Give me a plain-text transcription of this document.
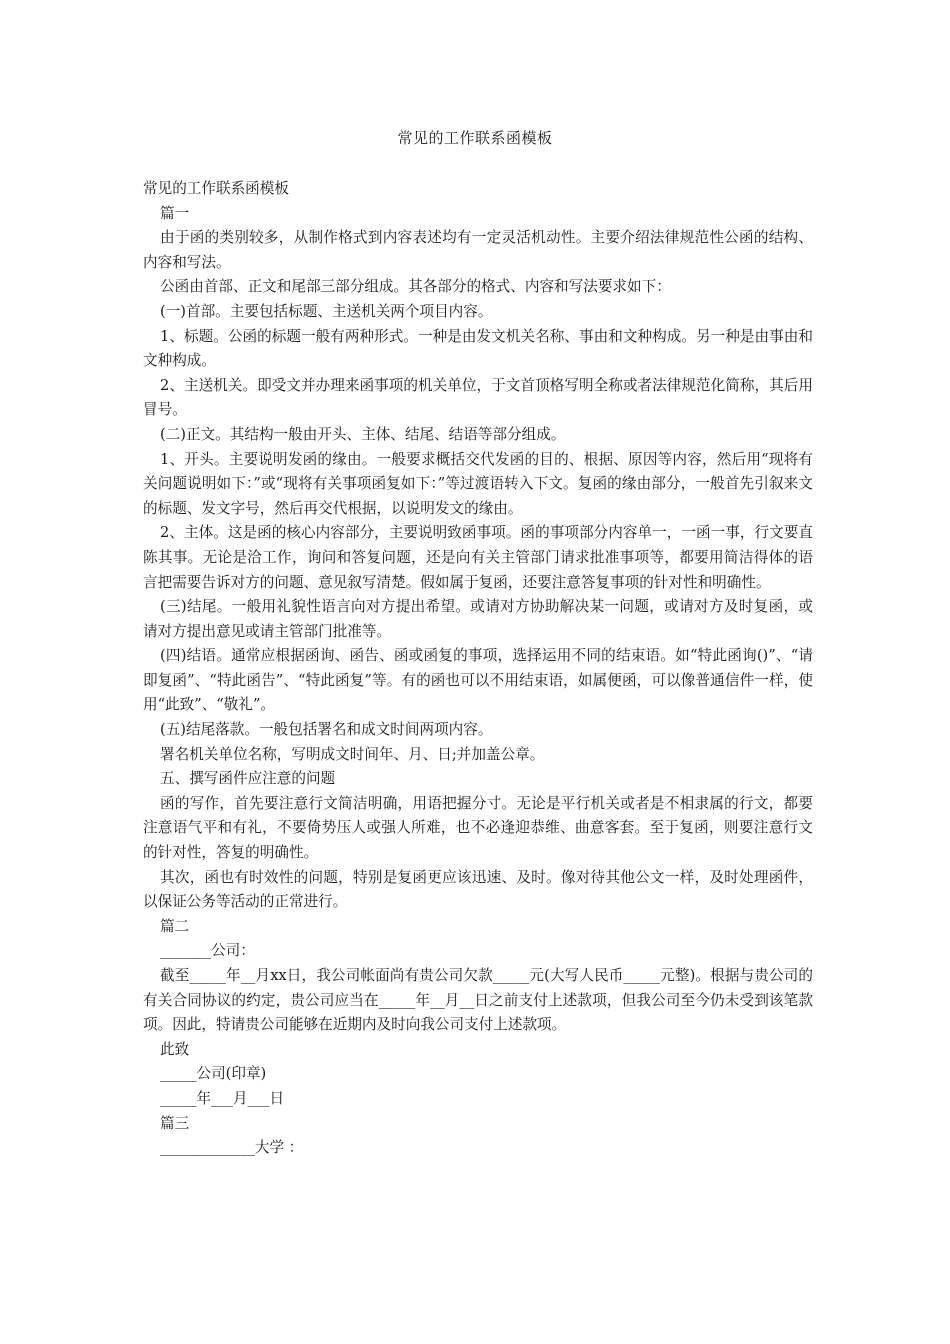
常见的工作联系函模板

常见的工作联系函模板

篇一

由于函的类别较多，从制作格式到内容表述均有一定灵活机动性。主要介绍法律规范性公函的结构、内容和写法。

公函由首部、正文和尾部三部分组成。其各部分的格式、内容和写法要求如下：

(一)首部。主要包括标题、主送机关两个项目内容。

1、标题。公函的标题一般有两种形式。一种是由发文机关名称、事由和文种构成。另一种是由事由和文种构成。

2、主送机关。即受文并办理来函事项的机关单位，于文首顶格写明全称或者法律规范化简称，其后用冒号。

(二)正文。其结构一般由开头、主体、结尾、结语等部分组成。

1、开头。主要说明发函的缘由。一般要求概括交代发函的目的、根据、原因等内容，然后用“现将有关问题说明如下：”或“现将有关事项函复如下：”等过渡语转入下文。复函的缘由部分，一般首先引叙来文的标题、发文字号，然后再交代根据，以说明发文的缘由。

2、主体。这是函的核心内容部分，主要说明致函事项。函的事项部分内容单一，一函一事，行文要直陈其事。无论是洽工作，询问和答复问题，还是向有关主管部门请求批准事项等，都要用简洁得体的语言把需要告诉对方的问题、意见叙写清楚。假如属于复函，还要注意答复事项的针对性和明确性。

(三)结尾。一般用礼貌性语言向对方提出希望。或请对方协助解决某一问题，或请对方及时复函，或请对方提出意见或请主管部门批准等。

(四)结语。通常应根据函询、函告、函或函复的事项，选择运用不同的结束语。如“特此函询()”、“请即复函”、“特此函告”、“特此函复”等。有的函也可以不用结束语，如属便函，可以像普通信件一样，使用“此致”、“敬礼”。

(五)结尾落款。一般包括署名和成文时间两项内容。

署名机关单位名称，写明成文时间年、月、日;并加盖公章。

五、撰写函件应注意的问题

函的写作，首先要注意行文简洁明确，用语把握分寸。无论是平行机关或者是不相隶属的行文，都要注意语气平和有礼，不要倚势压人或强人所难，也不必逢迎恭维、曲意客套。至于复函，则要注意行文的针对性，答复的明确性。

其次，函也有时效性的问题，特别是复函更应该迅速、及时。像对待其他公文一样，及时处理函件，以保证公务等活动的正常进行。

篇二

_______公司：

截至_____年__月xx日，我公司帐面尚有贵公司欠款_____元(大写人民币_____元整)。根据与贵公司的有关合同协议的约定，贵公司应当在_____年__月__日之前支付上述款项，但我公司至今仍未受到该笔款项。因此，特请贵公司能够在近期内及时向我公司支付上述款项。

此致

_____公司(印章)

_____年___月___日

篇三

_____________大学 ：
